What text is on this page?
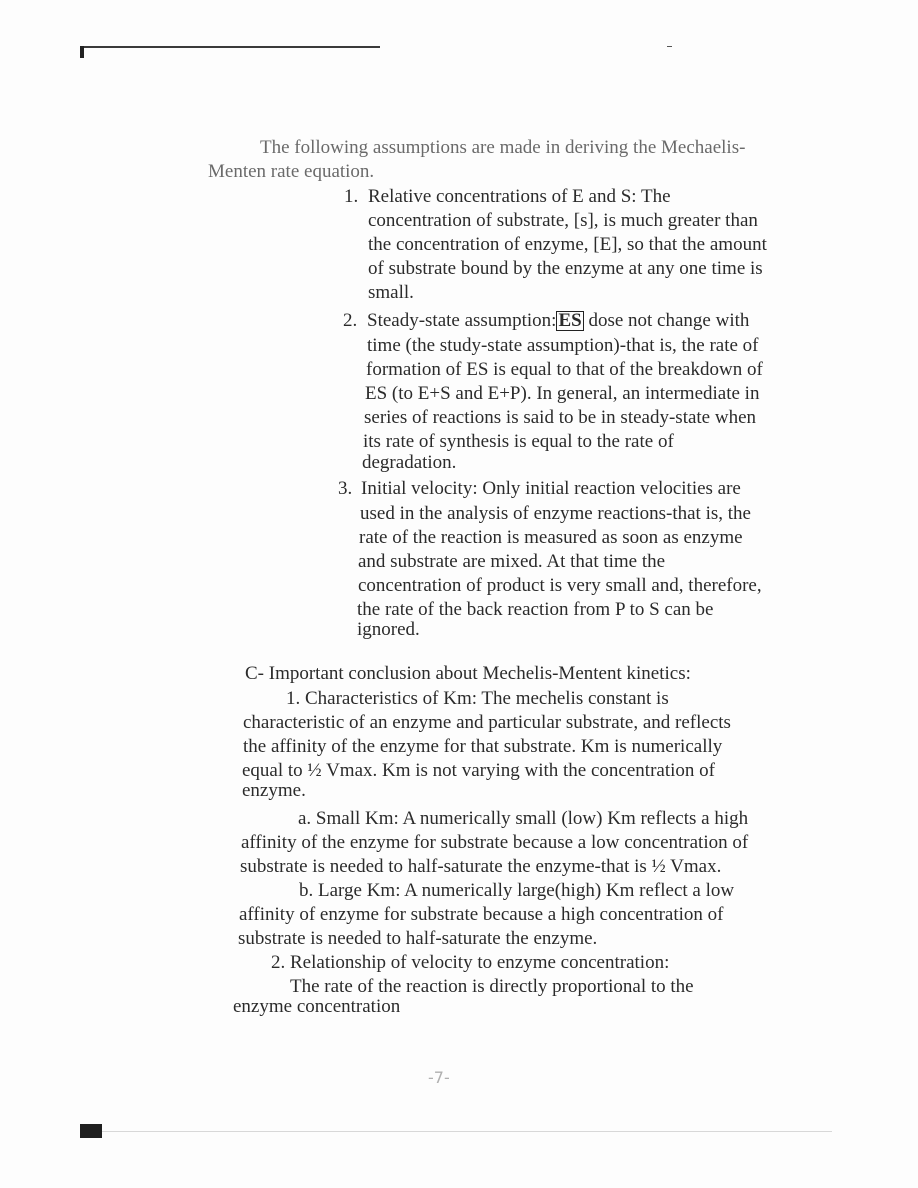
The following assumptions are made in deriving the Mechaelis-
Menten rate equation.
1. Relative concentrations of E and S: The
concentration of substrate, [s], is much greater than
the concentration of enzyme, [E], so that the amount
of substrate bound by the enzyme at any one time is
small.
2. Steady-state assumption: ES dose not change with
time (the study-state assumption)-that is, the rate of
formation of ES is equal to that of the breakdown of
ES (to E+S and E+P). In general, an intermediate in
series of reactions is said to be in steady-state when
its rate of synthesis is equal to the rate of
degradation.
3. Initial velocity: Only initial reaction velocities are
used in the analysis of enzyme reactions-that is, the
rate of the reaction is measured as soon as enzyme
and substrate are mixed. At that time the
concentration of product is very small and, therefore,
the rate of the back reaction from P to S can be
ignored.
C- Important conclusion about Mechelis-Mentent kinetics:
1. Characteristics of Km: The mechelis constant is
characteristic of an enzyme and particular substrate, and reflects
the affinity of the enzyme for that substrate. Km is numerically
equal to ½ Vmax. Km is not varying with the concentration of
enzyme.
a. Small Km: A numerically small (low) Km reflects a high
affinity of the enzyme for substrate because a low concentration of
substrate is needed to half-saturate the enzyme-that is ½ Vmax.
b. Large Km: A numerically large(high) Km reflect a low
affinity of enzyme for substrate because a high concentration of
substrate is needed to half-saturate the enzyme.
2. Relationship of velocity to enzyme concentration:
The rate of the reaction is directly proportional to the
enzyme concentration
-7-
